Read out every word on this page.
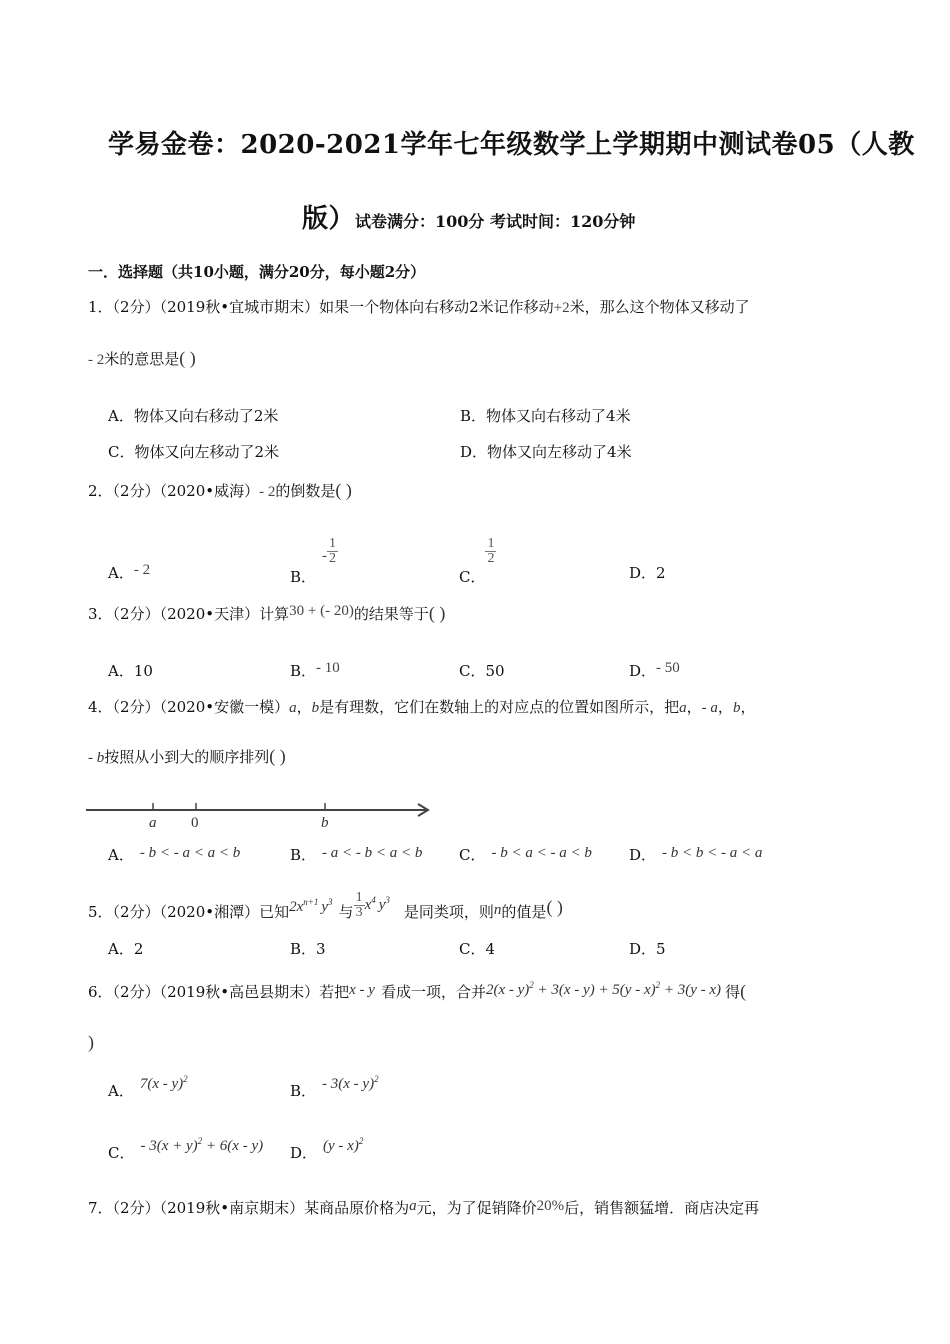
学易金卷：2020-2021学年七年级数学上学期期中测试卷05（人教
版）试卷满分：100分 考试时间：120分钟
一．选择题（共10小题，满分20分，每小题2分）
1．（2分）（2019秋•宜城市期末）如果一个物体向右移动2米记作移动+2米，那么这个物体又移动了
- 2米的意思是( )
A．物体又向右移动了2米	B．物体又向右移动了4米
C．物体又向左移动了2米	D．物体又向左移动了4米
2．（2分）（2020•威海）- 2的倒数是( )
A．- 2	B．- $\frac{1}{2}$
C．
$\frac{1}{2}$
D．2
3．（2分）（2020•天津）计算30 + (- 20)的结果等于( )
A．10	B．- 10	C．50	D．- 50
4．（2分）（2020•安徽一模）a，b是有理数，它们在数轴上的对应点的位置如图所示，把a，- a，b，
- b按照从小到大的顺序排列( )
a 0	b
A． - b < - a < a < b	B． - a < - b < a < b C． - b < a < - a < b D． - b < b < - a < a
5．（2分）（2020•湘潭）已知$2x^{n+1}$ $y^3$与 $\frac{1}{3} x^4$ $y^3$是同类项，则n的值是( )
A．2	B．3	C．4	D．5
6．（2分）（2019秋•高邑县期末）若把x - y 看成一项，合并2(x - y)$^2$ + 3(x - y) + 5(y - x)$^2$ + 3(y - x) 得(
)
A． 7(x - y)$^2$
B． - 3(x - y)$^2$
C． - $3(x + y)^2 + 6(x - y)$ D． (y - x)$^2$
7．（2分）（2019秋•南京期末）某商品原价格为a元，为了促销降价20%后，销售额猛增．商店决定再
